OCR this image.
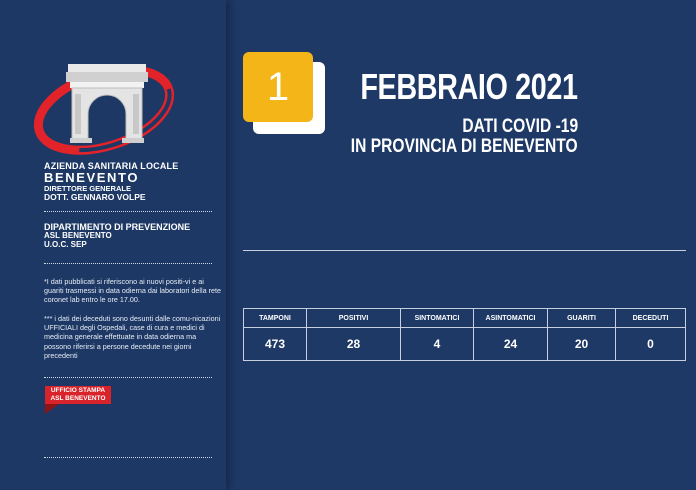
AZIENDA SANITARIA LOCALE
BENEVENTO
DIRETTORE GENERALE
DOTT. GENNARO VOLPE
DIPARTIMENTO DI PREVENZIONE
ASL BENEVENTO
U.O.C. SEP
*I dati pubblicati si riferiscono ai nuovi positi-vi e ai guariti trasmessi in data odierna dai laboratori della rete coronet lab entro le ore 17.00.
*** i dati dei deceduti sono desunti dalle comu-nicazioni UFFICIALI degli Ospedali, case di cura e medici di medicina generale effettuate in data odierna ma possono riferirsi a persone decedute nei giorni precedenti
UFFICIO STAMPA
ASL BENEVENTO
1	FEBBRAIO 2021
DATI COVID -19
IN PROVINCIA DI BENEVENTO
TAMPONI	POSITIVI	SINTOMATICI	ASINTOMATICI	GUARITI	DECEDUTI
473	28	4	24	20	0
